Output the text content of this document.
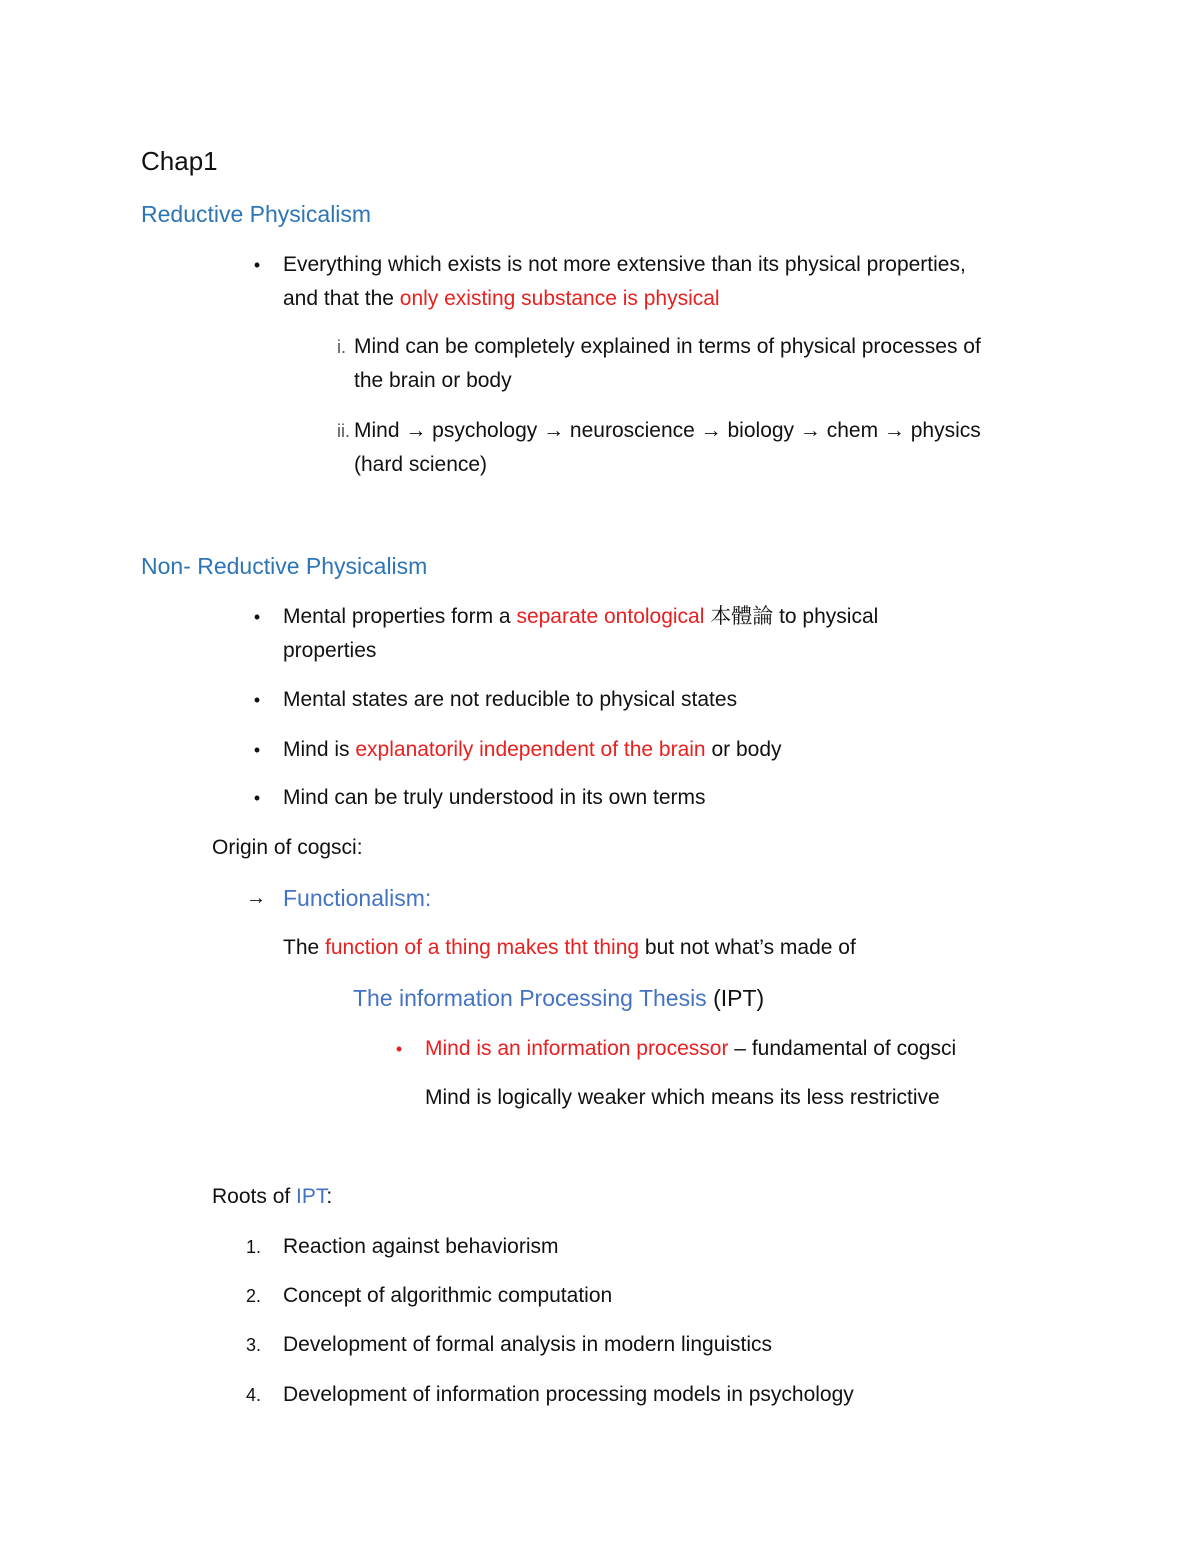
Chap1
Reductive Physicalism
•	Everything which exists is not more extensive than its physical properties,
and that the only existing substance is physical
i. Mind can be completely explained in terms of physical processes of
the brain or body
ii. Mind → psychology → neuroscience → biology → chem → physics
(hard science)
Non- Reductive Physicalism
•	Mental properties form a separate ontological 本體論 to physical
properties
•	Mental states are not reducible to physical states
•	Mind is explanatorily independent of the brain or body
•	Mind can be truly understood in its own terms
Origin of cogsci:
→ Functionalism:
The function of a thing makes tht thing but not what’s made of
The information Processing Thesis (IPT)
•	Mind is an information processor – fundamental of cogsci
Mind is logically weaker which means its less restrictive
Roots of IPT:
1.	Reaction against behaviorism
2.	Concept of algorithmic computation
3.	Development of formal analysis in modern linguistics
4.	Development of information processing models in psychology
